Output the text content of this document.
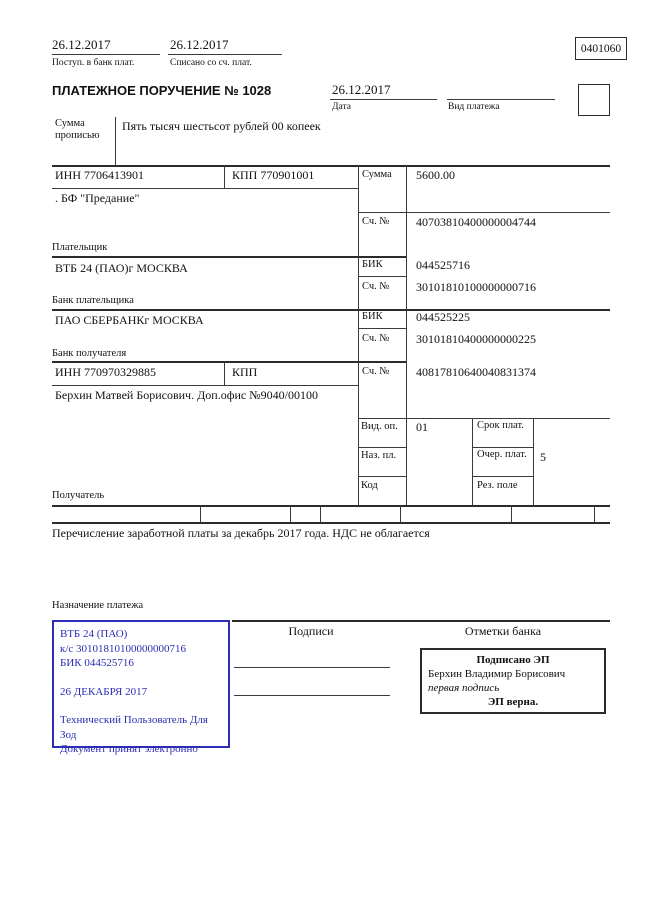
26.12.2017
Поступ. в банк плат.
26.12.2017
Списано со сч. плат.
0401060
ПЛАТЕЖНОЕ ПОРУЧЕНИЕ № 1028	26.12.2017
Дата	Вид платежа
Сумма прописью
Пять тысяч шестьсот рублей 00 копеек
ИНН 7706413901	КПП 770901001
. БФ "Предание"
Плательщик
Сумма 5600.00
Сч. № 40703810400000004744
ВТБ 24 (ПАО)г МОСКВА	БИК	044525716
Сч. № 30101810100000000716
Банк плательщика
ПАО СБЕРБАНКг МОСКВА	БИК	044525225
Сч. № 30101810400000000225
Банк получателя
ИНН 770970329885	КПП
Берхин Матвей Борисович. Доп.офис №9040/00100
Сч. № 40817810640040831374
Вид. оп. 01	Срок плат.
Наз. пл.	Очер. плат. 5
Код	Рез. поле
Получатель
Перечисление заработной платы за декабрь 2017 года. НДС не облагается
Назначение платежа
ВТБ 24 (ПАО)
к/с 30101810100000000716
БИК 044525716
26 ДЕКАБРЯ 2017
Технический Пользователь Для
Зод
Документ принят электронно
Подписи	Отметки банка
Подписано ЭП
Берхин Владимир Борисович
первая подпись
ЭП верна.
